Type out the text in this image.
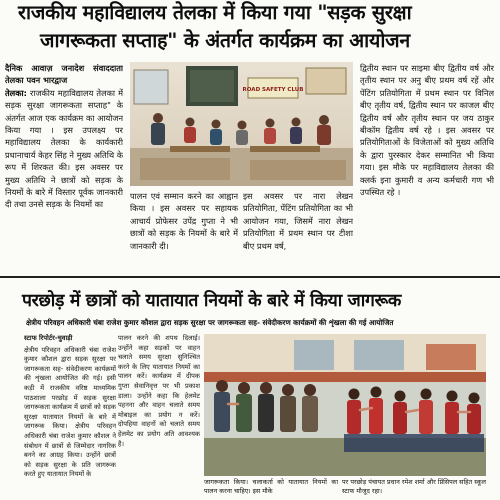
राजकीय महाविद्यालय तेलका में किया गया "सड़क सुरक्षा
जागरूकता सप्ताह" के अंतर्गत कार्यक्रम का आयोजन
दैनिक आवाज़ जनादेश संवाददाता तेलका पवन भारद्वाज
तेलका: राजकीय महाविद्यालय तेलका में सड़क सुरक्षा जागरूकता सप्ताह" के अंतर्गत आज एक कार्यक्रम का आयोजन किया गया । इस उपलक्ष्य पर महाविद्यालय तेलका के कार्यकारी प्रधानाचार्य केहर सिंह ने मुख्य अतिथि के रूप में शिरकत की। इस अवसर पर मुख्य अतिथि ने छात्रों को सड़क के नियमों के बारे में विस्तार पूर्वक जानकारी दी तथा उनसे सड़क के नियमों का
ROAD SAFETY CLUB
पालन एवं सम्मान करने का आह्वान किया । इस अवसर पर सहायक आचार्य प्रोफेसर उपेंद्र गुप्ता ने भी छात्रों को सड़क के नियमों के बारे में जानकारी दी।
इस अवसर पर नारा लेखन प्रतियोगिता, पेंटिंग प्रतियोगिता का भी आयोजन गया, जिसमें नारा लेखन प्रतियोगिता में प्रथम स्थान पर टीशा बीए प्रथम वर्ष,
द्वितीय स्थान पर साइमा बीए द्वितीय वर्ष और तृतीय स्थान पर अनु बीए प्रथम वर्ष रहें और पेंटिंग प्रतियोगिता में प्रथम स्थान पर विनिल बीए तृतीय वर्ष, द्वितीय स्थान पर काजल बीए द्वितीय वर्ष और तृतीय स्थान पर जय ठाकुर बीकॉम द्वितीय वर्ष रहे । इस अवसर पर प्रतियोगिताओं के विजेताओं को मुख्य अतिथि के द्वारा पुरस्कार देकर सम्मानित भी किया गया। इस मौके पर महाविद्यालय तेलका की क्लर्क इना कुमारी व अन्य कर्मचारी गण भी उपस्थित रहे ।
परछोड़ में छात्रों को यातायात नियमों के बारे में किया जागरूक
क्षेत्रीय परिवहन अधिकारी चंबा राजेश कुमार कौशल द्वारा सड़क सुरक्षा पर जागरूकता सह- संवेदीकरण कार्यक्रमों की शृंखला की गई आयोजित
स्टाफ रिपोर्टर-चुवाड़ी
क्षेत्रीय परिवहन अधिकारी चंबा राजेश कुमार कौशल द्वारा सड़क सुरक्षा पर जागरूकता सह- संवेदीकरण कार्यक्रमों की शृंखला आयोजित की गई। इसी कड़ी में राजकीय वरिष्ठ माध्यमिक पाठशाला परछोड़ में सड़क सुरक्षा जागरूकता कार्यक्रम में छात्रों को सड़क सुरक्षा यातायात नियमों के बारे में जागरूक किया। क्षेत्रीय परिवहन अधिकारी चंबा राजेश कुमार कौशल ने संबोधन में छात्रों से जिम्मेदार नागरिक बनने का आग्रह किया। उन्होंने छात्रों को सड़क सुरक्षा के प्रति जागरूक करते हुए यातायात नियमों के
पालन करने की शपथ दिलाई। उन्होंने कहा सड़कों पर वाहन चलाते समय सुरक्षा सुनिश्चित करने के लिए यातायात नियमों का पालन करें। कार्यक्रम में दीपक गुप्ता सेवानिवृत्त पर भी प्रकाश डाला। उन्होंने कहा कि हेलमेट पहनना और वाहन चलाते समय मोबाइल का प्रयोग न करें। दोपहिया वाहनों को चलाते समय हेलमेट का प्रयोग अति आवश्यक है।
जागरूकता किया। चलाकर्ता को यातायात नियमों का पालन करना चाहिए। इस मौके
पर परछोड़ पंचायत प्रधान रमेश शर्मा और प्रिंसिपल सहित स्कूल स्टाफ मौजूद रहा।
